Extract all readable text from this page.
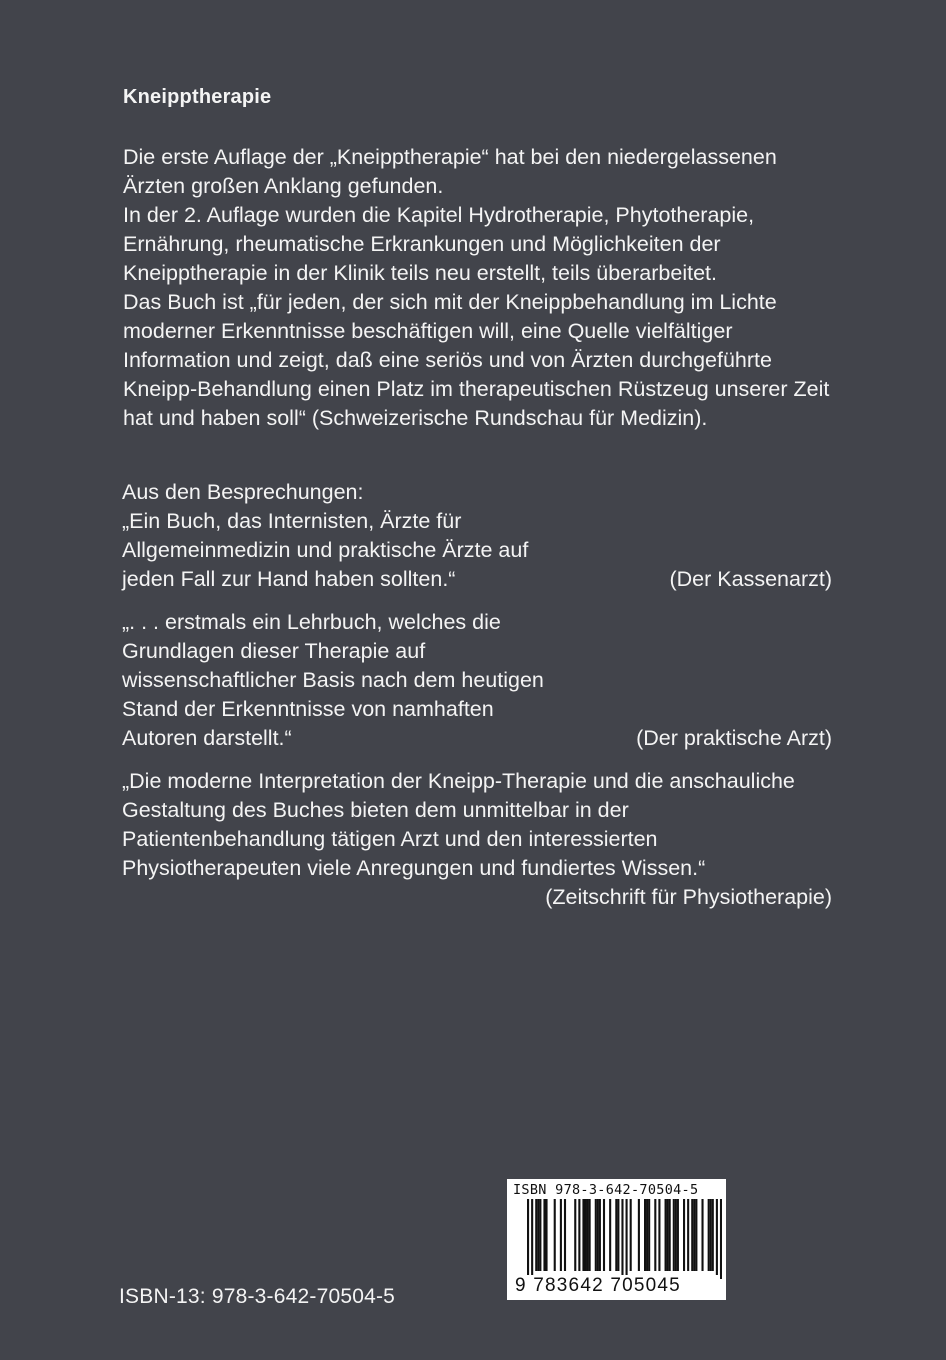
Kneipptherapie

Die erste Auflage der „Kneipptherapie“ hat bei den niedergelassenen Ärzten großen Anklang gefunden.

In der 2. Auflage wurden die Kapitel Hydrotherapie, Phytotherapie, Ernährung, rheumatische Erkrankungen und Möglichkeiten der Kneipptherapie in der Klinik teils neu erstellt, teils überarbeitet.

Das Buch ist „für jeden, der sich mit der Kneippbehandlung im Lichte moderner Erkenntnisse beschäftigen will, eine Quelle vielfältiger Information und zeigt, daß eine seriös und von Ärzten durchgeführte Kneipp-Behandlung einen Platz im therapeutischen Rüstzeug unserer Zeit hat und haben soll“ (Schweizerische Rundschau für Medizin).

Aus den Besprechungen:

„Ein Buch, das Internisten, Ärzte für Allgemeinmedizin und praktische Ärzte auf jeden Fall zur Hand haben sollten.“	(Der Kassenarzt)
„. . . erstmals ein Lehrbuch, welches die Grundlagen dieser Therapie auf wissenschaftlicher Basis nach dem heutigen Stand der Erkenntnisse von namhaften Autoren darstellt.“	(Der praktische Arzt)
„Die moderne Interpretation der Kneipp-Therapie und die anschauliche Gestaltung des Buches bieten dem unmittelbar in der Patientenbehandlung tätigen Arzt und den interessierten Physiotherapeuten viele Anregungen und fundiertes Wissen.“
(Zeitschrift für Physiotherapie)
ISBN-13: 978-3-642-70504-5
ISBN 978-3-642-70504-5
9 783642 705045
